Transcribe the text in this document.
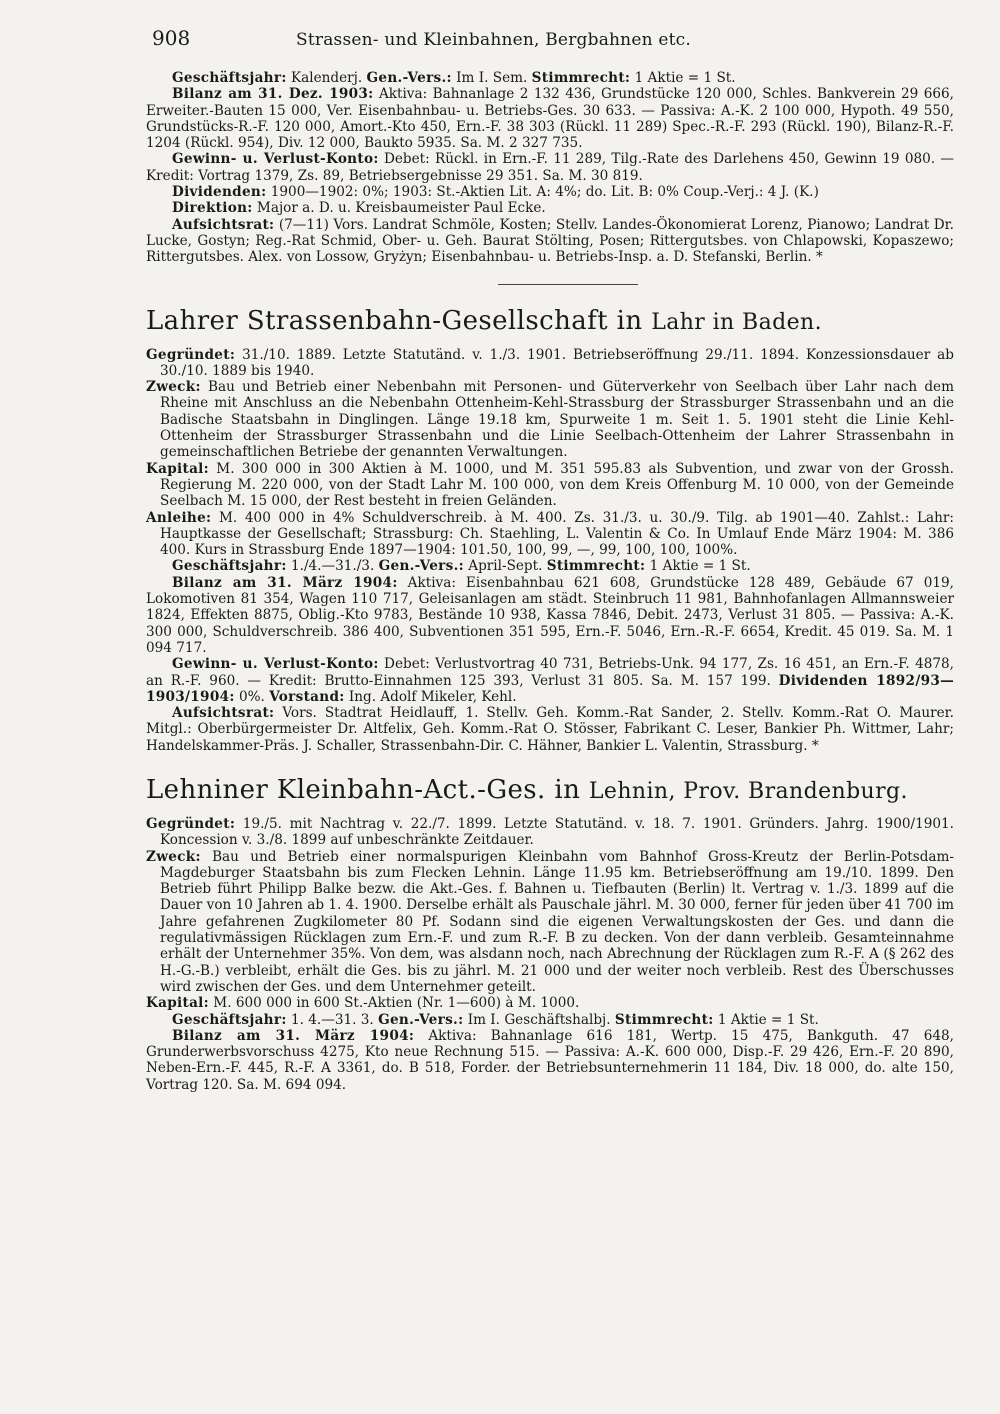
908	Strassen- und Kleinbahnen, Bergbahnen etc.

Geschäftsjahr: Kalenderj. Gen.-Vers.: Im I. Sem. Stimmrecht: 1 Aktie = 1 St.

Bilanz am 31. Dez. 1903: Aktiva: Bahnanlage 2 132 436, Grundstücke 120 000, Schles. Bankverein 29 666, Erweiter.-Bauten 15 000, Ver. Eisenbahnbau- u. Betriebs-Ges. 30 633. — Passiva: A.-K. 2 100 000, Hypoth. 49 550, Grundstücks-R.-F. 120 000, Amort.-Kto 450, Ern.-F. 38 303 (Rückl. 11 289) Spec.-R.-F. 293 (Rückl. 190), Bilanz-R.-F. 1204 (Rückl. 954), Div. 12 000, Baukto 5935. Sa. M. 2 327 735.

Gewinn- u. Verlust-Konto: Debet: Rückl. in Ern.-F. 11 289, Tilg.-Rate des Darlehens 450, Gewinn 19 080. — Kredit: Vortrag 1379, Zs. 89, Betriebsergebnisse 29 351. Sa. M. 30 819.

Dividenden: 1900—1902: 0%; 1903: St.-Aktien Lit. A: 4%; do. Lit. B: 0% Coup.-Verj.: 4 J. (K.)

Direktion: Major a. D. u. Kreisbaumeister Paul Ecke.

Aufsichtsrat: (7—11) Vors. Landrat Schmöle, Kosten; Stellv. Landes-Ökonomierat Lorenz, Pianowo; Landrat Dr. Lucke, Gostyn; Reg.-Rat Schmid, Ober- u. Geh. Baurat Stölting, Posen; Rittergutsbes. von Chlapowski, Kopaszewo; Rittergutsbes. Alex. von Lossow, Gryżyn; Eisenbahnbau- u. Betriebs-Insp. a. D. Stefanski, Berlin. *

Lahrer Strassenbahn-Gesellschaft in Lahr in Baden.

Gegründet: 31./10. 1889. Letzte Statutänd. v. 1./3. 1901. Betriebseröffnung 29./11. 1894. Konzessionsdauer ab 30./10. 1889 bis 1940.

Zweck: Bau und Betrieb einer Nebenbahn mit Personen- und Güterverkehr von Seelbach über Lahr nach dem Rheine mit Anschluss an die Nebenbahn Ottenheim-Kehl-Strassburg der Strassburger Strassenbahn und an die Badische Staatsbahn in Dinglingen. Länge 19.18 km, Spurweite 1 m. Seit 1. 5. 1901 steht die Linie Kehl-Ottenheim der Strassburger Strassenbahn und die Linie Seelbach-Ottenheim der Lahrer Strassenbahn in gemeinschaftlichen Betriebe der genannten Verwaltungen.

Kapital: M. 300 000 in 300 Aktien à M. 1000, und M. 351 595.83 als Subvention, und zwar von der Grossh. Regierung M. 220 000, von der Stadt Lahr M. 100 000, von dem Kreis Offenburg M. 10 000, von der Gemeinde Seelbach M. 15 000, der Rest besteht in freien Geländen.

Anleihe: M. 400 000 in 4% Schuldverschreib. à M. 400. Zs. 31./3. u. 30./9. Tilg. ab 1901—40. Zahlst.: Lahr: Hauptkasse der Gesellschaft; Strassburg: Ch. Staehling, L. Valentin & Co. In Umlauf Ende März 1904: M. 386 400. Kurs in Strassburg Ende 1897—1904: 101.50, 100, 99, —, 99, 100, 100, 100%.

Geschäftsjahr: 1./4.—31./3. Gen.-Vers.: April-Sept. Stimmrecht: 1 Aktie = 1 St.

Bilanz am 31. März 1904: Aktiva: Eisenbahnbau 621 608, Grundstücke 128 489, Gebäude 67 019, Lokomotiven 81 354, Wagen 110 717, Geleisanlagen am städt. Steinbruch 11 981, Bahnhofanlagen Allmannsweier 1824, Effekten 8875, Oblig.-Kto 9783, Bestände 10 938, Kassa 7846, Debit. 2473, Verlust 31 805. — Passiva: A.-K. 300 000, Schuldverschreib. 386 400, Subventionen 351 595, Ern.-F. 5046, Ern.-R.-F. 6654, Kredit. 45 019. Sa. M. 1 094 717.

Gewinn- u. Verlust-Konto: Debet: Verlustvortrag 40 731, Betriebs-Unk. 94 177, Zs. 16 451, an Ern.-F. 4878, an R.-F. 960. — Kredit: Brutto-Einnahmen 125 393, Verlust 31 805. Sa. M. 157 199. Dividenden 1892/93—1903/1904: 0%. Vorstand: Ing. Adolf Mikeler, Kehl.

Aufsichtsrat: Vors. Stadtrat Heidlauff, 1. Stellv. Geh. Komm.-Rat Sander, 2. Stellv. Komm.-Rat O. Maurer. Mitgl.: Oberbürgermeister Dr. Altfelix, Geh. Komm.-Rat O. Stösser, Fabrikant C. Leser, Bankier Ph. Wittmer, Lahr; Handelskammer-Präs. J. Schaller, Strassenbahn-Dir. C. Hähner, Bankier L. Valentin, Strassburg. *

Lehniner Kleinbahn-Act.-Ges. in Lehnin, Prov. Brandenburg.

Gegründet: 19./5. mit Nachtrag v. 22./7. 1899. Letzte Statutänd. v. 18. 7. 1901. Gründers. Jahrg. 1900/1901. Koncession v. 3./8. 1899 auf unbeschränkte Zeitdauer.

Zweck: Bau und Betrieb einer normalspurigen Kleinbahn vom Bahnhof Gross-Kreutz der Berlin-Potsdam-Magdeburger Staatsbahn bis zum Flecken Lehnin. Länge 11.95 km. Betriebseröffnung am 19./10. 1899. Den Betrieb führt Philipp Balke bezw. die Akt.-Ges. f. Bahnen u. Tiefbauten (Berlin) lt. Vertrag v. 1./3. 1899 auf die Dauer von 10 Jahren ab 1. 4. 1900. Derselbe erhält als Pauschale jährl. M. 30 000, ferner für jeden über 41 700 im Jahre gefahrenen Zugkilometer 80 Pf. Sodann sind die eigenen Verwaltungskosten der Ges. und dann die regulativmässigen Rücklagen zum Ern.-F. und zum R.-F. B zu decken. Von der dann verbleib. Gesamteinnahme erhält der Unternehmer 35%. Von dem, was alsdann noch, nach Abrechnung der Rücklagen zum R.-F. A (§ 262 des H.-G.-B.) verbleibt, erhält die Ges. bis zu jährl. M. 21 000 und der weiter noch verbleib. Rest des Überschusses wird zwischen der Ges. und dem Unternehmer geteilt.

Kapital: M. 600 000 in 600 St.-Aktien (Nr. 1—600) à M. 1000.

Geschäftsjahr: 1. 4.—31. 3. Gen.-Vers.: Im I. Geschäftshalbj. Stimmrecht: 1 Aktie = 1 St.

Bilanz am 31. März 1904: Aktiva: Bahnanlage 616 181, Wertp. 15 475, Bankguth. 47 648, Grunderwerbsvorschuss 4275, Kto neue Rechnung 515. — Passiva: A.-K. 600 000, Disp.-F. 29 426, Ern.-F. 20 890, Neben-Ern.-F. 445, R.-F. A 3361, do. B 518, Forder. der Betriebsunternehmerin 11 184, Div. 18 000, do. alte 150, Vortrag 120. Sa. M. 694 094.
